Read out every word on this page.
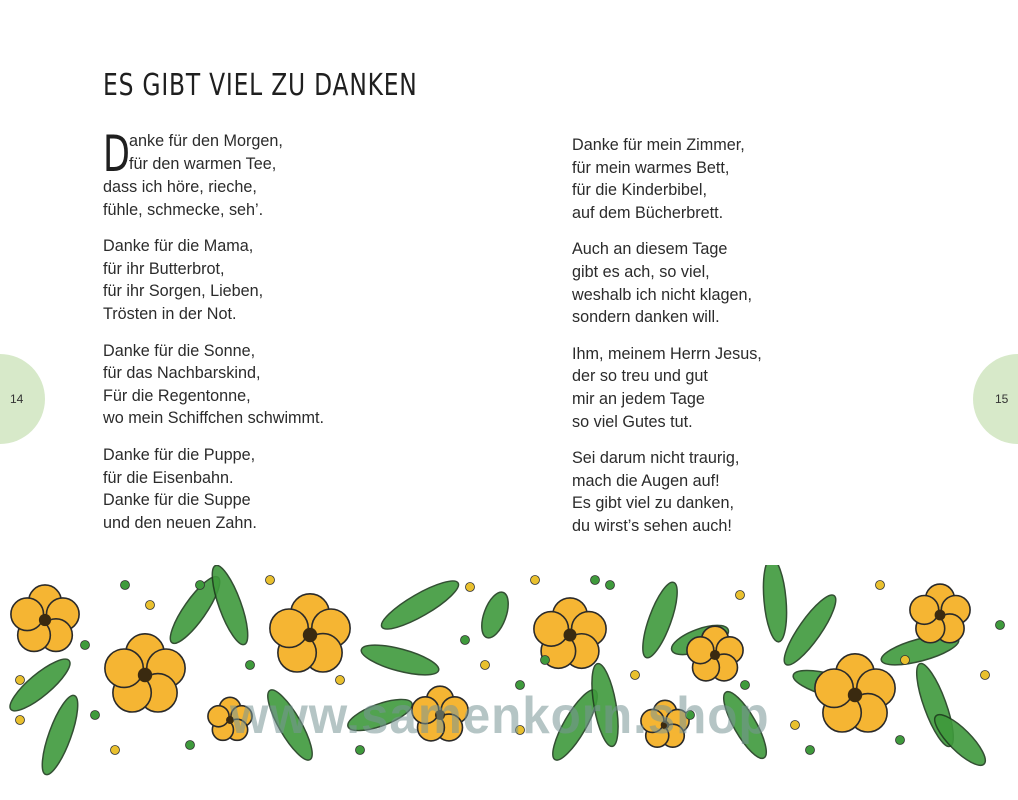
ES GIBT VIEL ZU DANKEN

D anke für den Morgen,
für den warmen Tee,
dass ich höre, rieche,
fühle, schmecke, seh’.

Danke für die Mama,
für ihr Butterbrot,
für ihr Sorgen, Lieben,
Trösten in der Not.

Danke für die Sonne,
für das Nachbarskind,
Für die Regentonne,
wo mein Schiffchen schwimmt.

Danke für die Puppe,
für die Eisenbahn.
Danke für die Suppe
und den neuen Zahn.

Danke für mein Zimmer,
für mein warmes Bett,
für die Kinderbibel,
auf dem Bücherbrett.

Auch an diesem Tage
gibt es ach, so viel,
weshalb ich nicht klagen,
sondern danken will.

Ihm, meinem Herrn Jesus,
der so treu und gut
mir an jedem Tage
so viel Gutes tut.

Sei darum nicht traurig,
mach die Augen auf!
Es gibt viel zu danken,
du wirst’s sehen auch!

14	15
www.samenkorn.shop
